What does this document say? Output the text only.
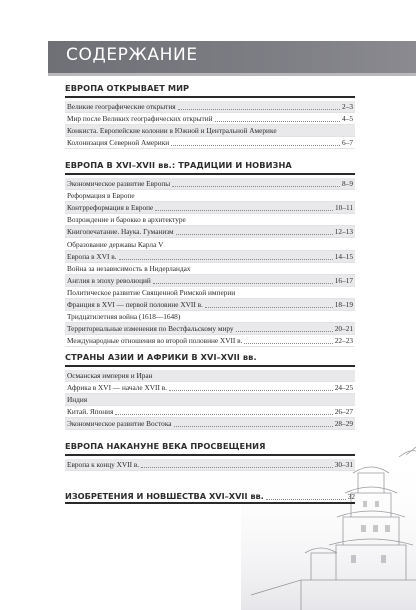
СОДЕРЖАНИЕ
ЕВРОПА ОТКРЫВАЕТ МИР
Великие географические открытия	2–3
Мир после Великих географических открытий	4–5
Конкиста. Европейские колонии в Южной и Центральной Америке
Колонизация Северной Америки	6–7
ЕВРОПА В XVI–XVII вв.: ТРАДИЦИИ И НОВИЗНА
Экономическое развитие Европы	8–9
Реформация в Европе
Контрреформация в Европе	10–11
Возрождение и барокко в архитектуре
Книгопечатание. Наука. Гуманизм	12–13
Образование державы Карла V
Европа в XVI в.	14–15
Война за независимость в Нидерландах
Англия в эпоху революций	16–17
Политическое развитие Священной Римской империи
Франция в XVI — первой половине XVII в.	18–19
Тридцатилетняя война (1618—1648)
Территориальные изменения по Вестфальскому миру	20–21
Международные отношения во второй половине XVII в.	22–23
СТРАНЫ АЗИИ И АФРИКИ В XVI–XVII вв.
Османская империя и Иран
Африка в XVI — начале XVII в.	24–25
Индия
Китай. Япония	26–27
Экономическое развитие Востока	28–29
ЕВРОПА НАКАНУНЕ ВЕКА ПРОСВЕЩЕНИЯ
Европа к концу XVII в.	30–31
ИЗОБРЕТЕНИЯ И НОВШЕСТВА XVI–XVII вв.	32
